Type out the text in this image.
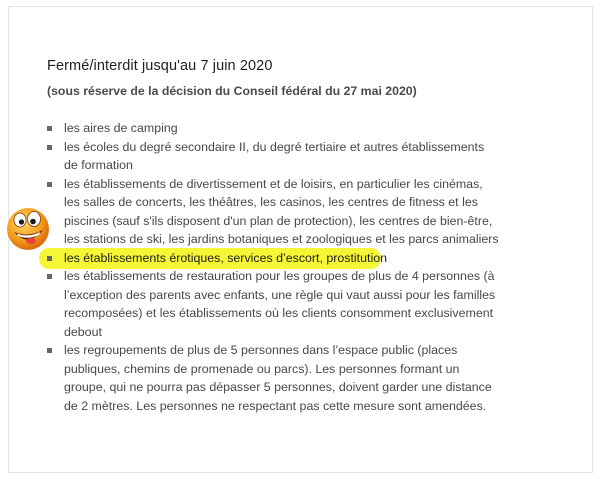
Fermé/interdit jusqu'au 7 juin 2020
(sous réserve de la décision du Conseil fédéral du 27 mai 2020)
les aires de camping
les écoles du degré secondaire II, du degré tertiaire et autres établissements
de formation
les établissements de divertissement et de loisirs, en particulier les cinémas,
les salles de concerts, les théâtres, les casinos, les centres de fitness et les
piscines (sauf s'ils disposent d'un plan de protection), les centres de bien-être,
les stations de ski, les jardins botaniques et zoologiques et les parcs animaliers
les établissements érotiques, services d’escort, prostitution
les établissements de restauration pour les groupes de plus de 4 personnes (à
l’exception des parents avec enfants, une règle qui vaut aussi pour les familles
recomposées) et les établissements où les clients consomment exclusivement
debout
les regroupements de plus de 5 personnes dans l’espace public (places
publiques, chemins de promenade ou parcs). Les personnes formant un
groupe, qui ne pourra pas dépasser 5 personnes, doivent garder une distance
de 2 mètres. Les personnes ne respectant pas cette mesure sont amendées.
